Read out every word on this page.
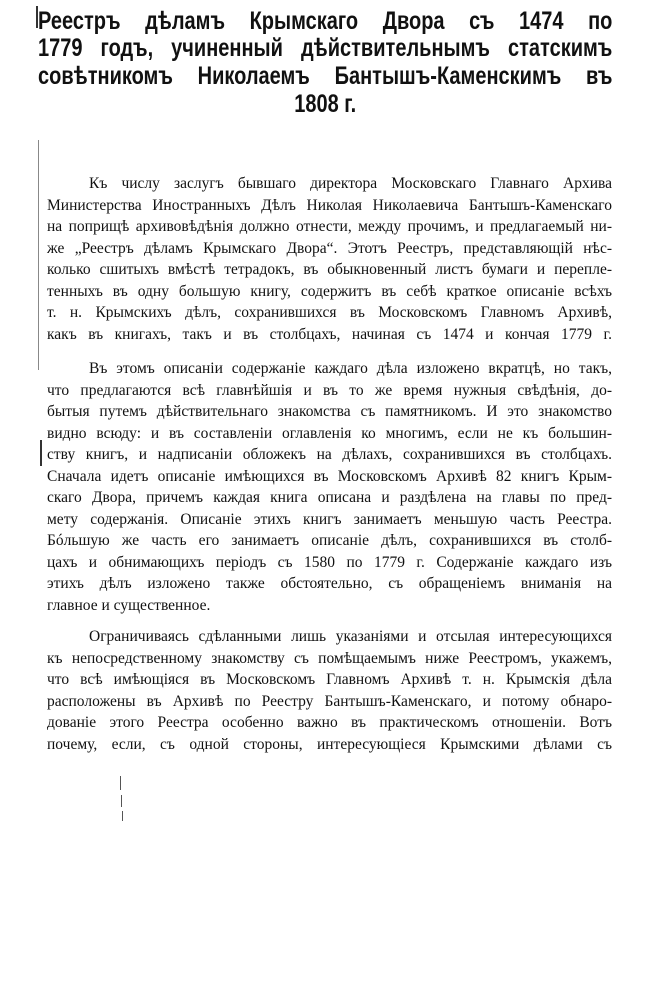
Реестръ дѣламъ Крымскаго Двора съ 1474 по
1779 годъ, учиненный дѣйствительнымъ статскимъ
совѣтникомъ Николаемъ Бантышъ-Каменскимъ въ
1808 г.
Къ числу заслугъ бывшаго директора Московскаго Главнаго Архива
Министерства Иностранныхъ Дѣлъ Николая Николаевича Бантышъ-Каменскаго
на поприщѣ архивовѣдѣнія должно отнести, между прочимъ, и предлагаемый ни-
же „Реестръ дѣламъ Крымскаго Двора“. Этотъ Реестръ, представляющій нѣс-
колько сшитыхъ вмѣстѣ тетрадокъ, въ обыкновенный листъ бумаги и перепле-
тенныхъ въ одну большую книгу, содержитъ въ себѣ краткое описаніе всѣхъ
т. н. Крымскихъ дѣлъ, сохранившихся въ Московскомъ Главномъ Архивѣ,
какъ въ книгахъ, такъ и въ столбцахъ, начиная съ 1474 и кончая 1779 г.
Въ этомъ описаніи содержаніе каждаго дѣла изложено вкратцѣ, но такъ,
что предлагаются всѣ главнѣйшія и въ то же время нужныя свѣдѣнія, до-
бытыя путемъ дѣйствительнаго знакомства съ памятникомъ. И это знакомство
видно всюду: и въ составленіи оглавленія ко многимъ, если не къ большин-
ству книгъ, и надписаніи обложекъ на дѣлахъ, сохранившихся въ столбцахъ.
Сначала идетъ описаніе имѣющихся въ Московскомъ Архивѣ 82 книгъ Крым-
скаго Двора, причемъ каждая книга описана и раздѣлена на главы по пред-
мету содержанія. Описаніе этихъ книгъ занимаетъ меньшую часть Реестра.
Бóльшую же часть его занимаетъ описаніе дѣлъ, сохранившихся въ столб-
цахъ и обнимающихъ періодъ съ 1580 по 1779 г. Содержаніе каждаго изъ
этихъ дѣлъ изложено также обстоятельно, съ обращеніемъ вниманія на
главное и существенное.
Ограничиваясь сдѣланными лишь указаніями и отсылая интересующихся
къ непосредственному знакомству съ помѣщаемымъ ниже Реестромъ, укажемъ,
что всѣ имѣющіяся въ Московскомъ Главномъ Архивѣ т. н. Крымскія дѣла
расположены въ Архивѣ по Реестру Бантышъ-Каменскаго, и потому обнаро-
дованіе этого Реестра особенно важно въ практическомъ отношеніи. Вотъ
почему, если, съ одной стороны, интересующіеся Крымскими дѣлами съ
